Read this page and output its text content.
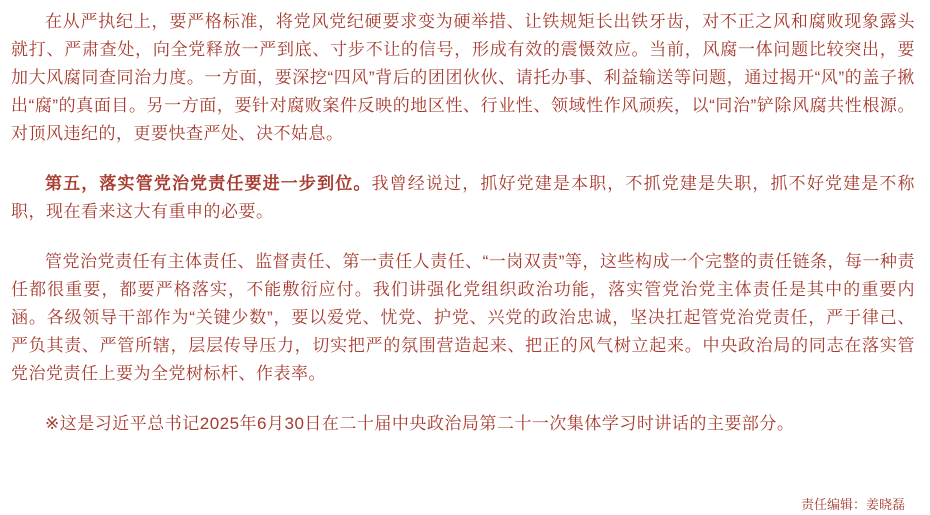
在从严执纪上，要严格标准，将党风党纪硬要求变为硬举措、让铁规矩长出铁牙齿，对不正之风和腐败现象露头就打、严肃查处，向全党释放一严到底、寸步不让的信号，形成有效的震慑效应。当前，风腐一体问题比较突出，要加大风腐同查同治力度。一方面，要深挖“四风”背后的团团伙伙、请托办事、利益输送等问题，通过揭开“风”的盖子揪出“腐”的真面目。另一方面，要针对腐败案件反映的地区性、行业性、领域性作风顽疾，以“同治”铲除风腐共性根源。对顶风违纪的，更要快查严处、决不姑息。

第五，落实管党治党责任要进一步到位。我曾经说过，抓好党建是本职，不抓党建是失职，抓不好党建是不称职，现在看来这大有重申的必要。

管党治党责任有主体责任、监督责任、第一责任人责任、“一岗双责”等，这些构成一个完整的责任链条，每一种责任都很重要，都要严格落实，不能敷衍应付。我们讲强化党组织政治功能，落实管党治党主体责任是其中的重要内涵。各级领导干部作为“关键少数”，要以爱党、忧党、护党、兴党的政治忠诚，坚决扛起管党治党责任，严于律己、严负其责、严管所辖，层层传导压力，切实把严的氛围营造起来、把正的风气树立起来。中央政治局的同志在落实管党治党责任上要为全党树标杆、作表率。

※这是习近平总书记2025年6月30日在二十届中央政治局第二十一次集体学习时讲话的主要部分。

责任编辑：姜晓磊
